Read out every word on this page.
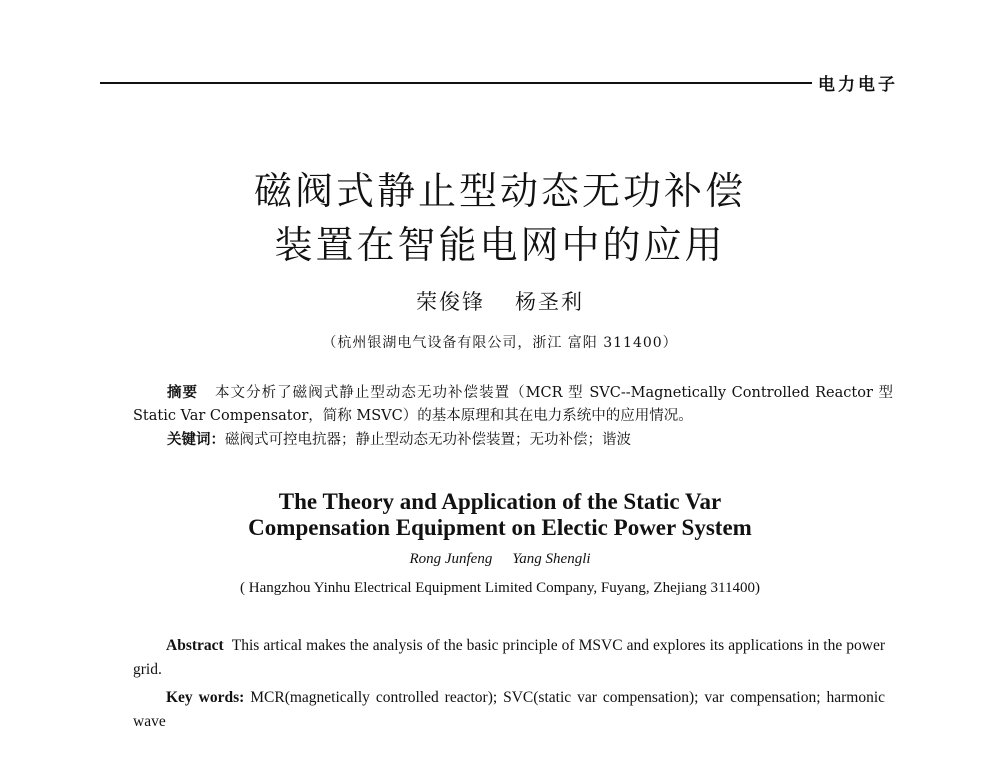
电力电子
磁阀式静止型动态无功补偿
装置在智能电网中的应用
荣俊锋 杨圣利
（杭州银湖电气设备有限公司，浙江 富阳 311400）
摘要 本文分析了磁阀式静止型动态无功补偿装置（MCR 型 SVC--Magnetically Controlled Reactor 型 Static Var Compensator，简称 MSVC）的基本原理和其在电力系统中的应用情况。
关键词：磁阀式可控电抗器；静止型动态无功补偿装置；无功补偿；谐波
The Theory and Application of the Static Var
Compensation Equipment on Electic Power System
Rong Junfeng Yang Shengli
( Hangzhou Yinhu Electrical Equipment Limited Company, Fuyang, Zhejiang 311400)
Abstract This artical makes the analysis of the basic principle of MSVC and explores its applications in the power grid.
Key words: MCR(magnetically controlled reactor); SVC(static var compensation); var compensation; harmonic wave
